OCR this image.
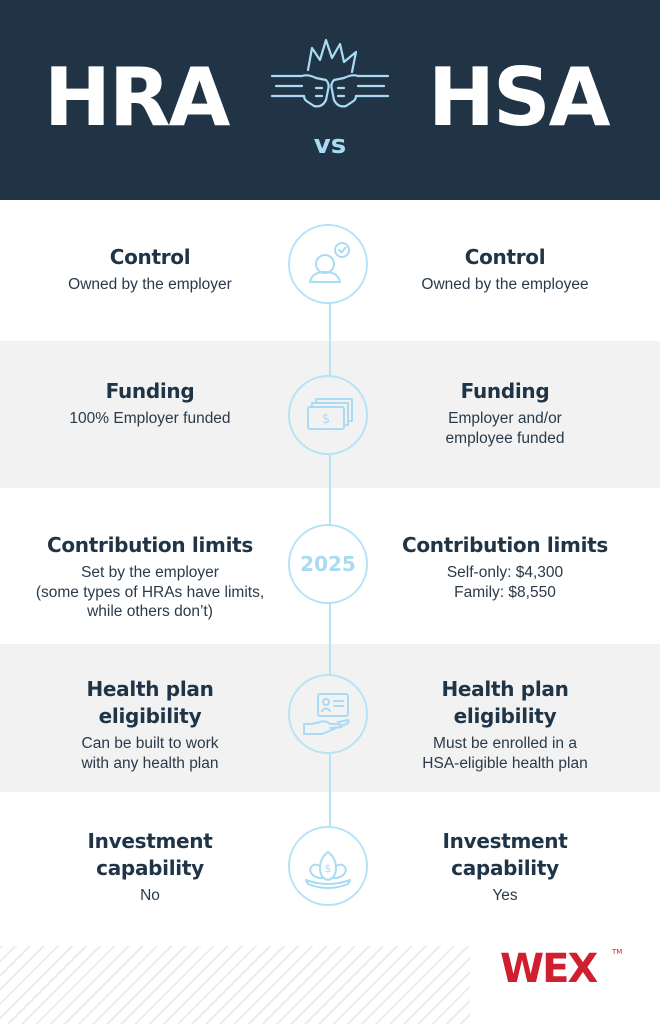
HRA
vs
HSA
Control

Owned by the employer

Control

Owned by the employee

$
Funding

100% Employer funded

Funding

Employer and/or
employee funded

2025
Contribution limits

Set by the employer
(some types of HRAs have limits,
while others don’t)

Contribution limits

Self-only: $4,300
Family: $8,550

Health plan
eligibility

Can be built to work
with any health plan

Health plan
eligibility

Must be enrolled in a
HSA-eligible health plan

$
Investment
capability

No

Investment
capability

Yes

WEX	TM
